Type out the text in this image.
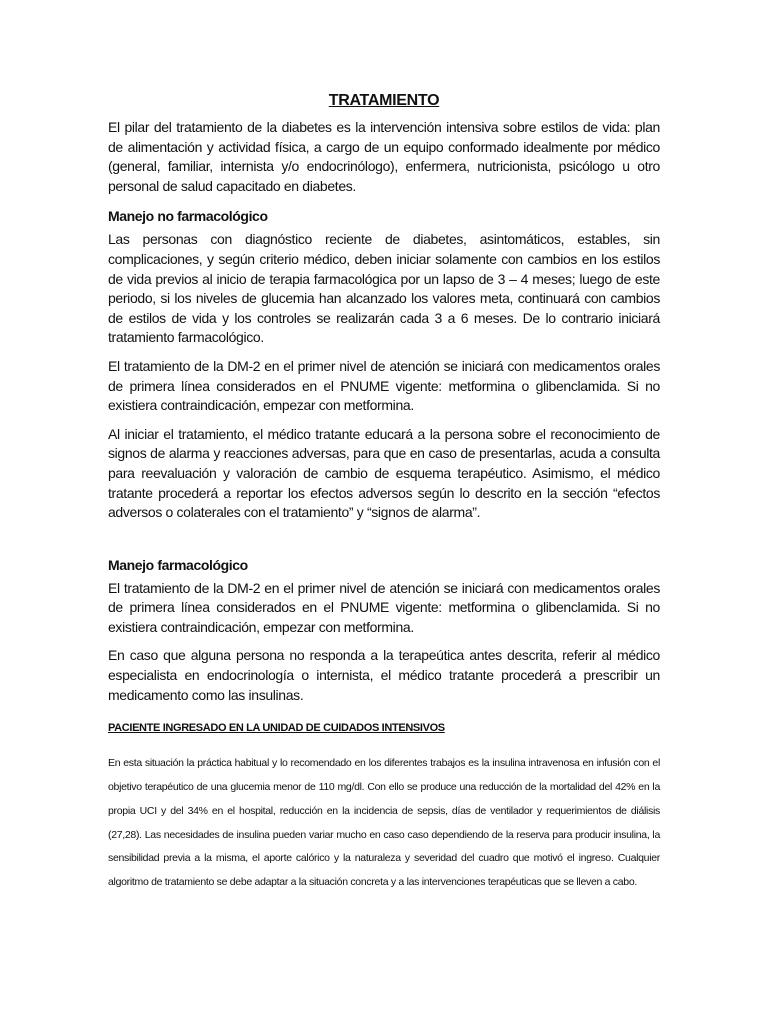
TRATAMIENTO

El pilar del tratamiento de la diabetes es la intervención intensiva sobre estilos de vida: plan de alimentación y actividad física, a cargo de un equipo conformado idealmente por médico (general, familiar, internista y/o endocrinólogo), enfermera, nutricionista, psicólogo u otro personal de salud capacitado en diabetes.

Manejo no farmacológico

Las personas con diagnóstico reciente de diabetes, asintomáticos, estables, sin complicaciones, y según criterio médico, deben iniciar solamente con cambios en los estilos de vida previos al inicio de terapia farmacológica por un lapso de 3 – 4 meses; luego de este periodo, si los niveles de glucemia han alcanzado los valores meta, continuará con cambios de estilos de vida y los controles se realizarán cada 3 a 6 meses. De lo contrario iniciará tratamiento farmacológico.

El tratamiento de la DM-2 en el primer nivel de atención se iniciará con medicamentos orales de primera línea considerados en el PNUME vigente: metformina o glibenclamida. Si no existiera contraindicación, empezar con metformina.

Al iniciar el tratamiento, el médico tratante educará a la persona sobre el reconocimiento de signos de alarma y reacciones adversas, para que en caso de presentarlas, acuda a consulta para reevaluación y valoración de cambio de esquema terapéutico. Asimismo, el médico tratante procederá a reportar los efectos adversos según lo descrito en la sección “efectos adversos o colaterales con el tratamiento” y “signos de alarma”.

Manejo farmacológico

El tratamiento de la DM-2 en el primer nivel de atención se iniciará con medicamentos orales de primera línea considerados en el PNUME vigente: metformina o glibenclamida. Si no existiera contraindicación, empezar con metformina.

En caso que alguna persona no responda a la terapeútica antes descrita, referir al médico especialista en endocrinología o internista, el médico tratante procederá a prescribir un medicamento como las insulinas.

PACIENTE INGRESADO EN LA UNIDAD DE CUIDADOS INTENSIVOS

En esta situación la práctica habitual y lo recomendado en los diferentes trabajos es la insulina intravenosa en infusión con el objetivo terapéutico de una glucemia menor de 110 mg/dl. Con ello se produce una reducción de la mortalidad del 42% en la propia UCI y del 34% en el hospital, reducción en la incidencia de sepsis, días de ventilador y requerimientos de diálisis (27,28). Las necesidades de insulina pueden variar mucho en caso caso dependiendo de la reserva para producir insulina, la sensibilidad previa a la misma, el aporte calórico y la naturaleza y severidad del cuadro que motivó el ingreso. Cualquier algoritmo de tratamiento se debe adaptar a la situación concreta y a las intervenciones terapéuticas que se lleven a cabo.
